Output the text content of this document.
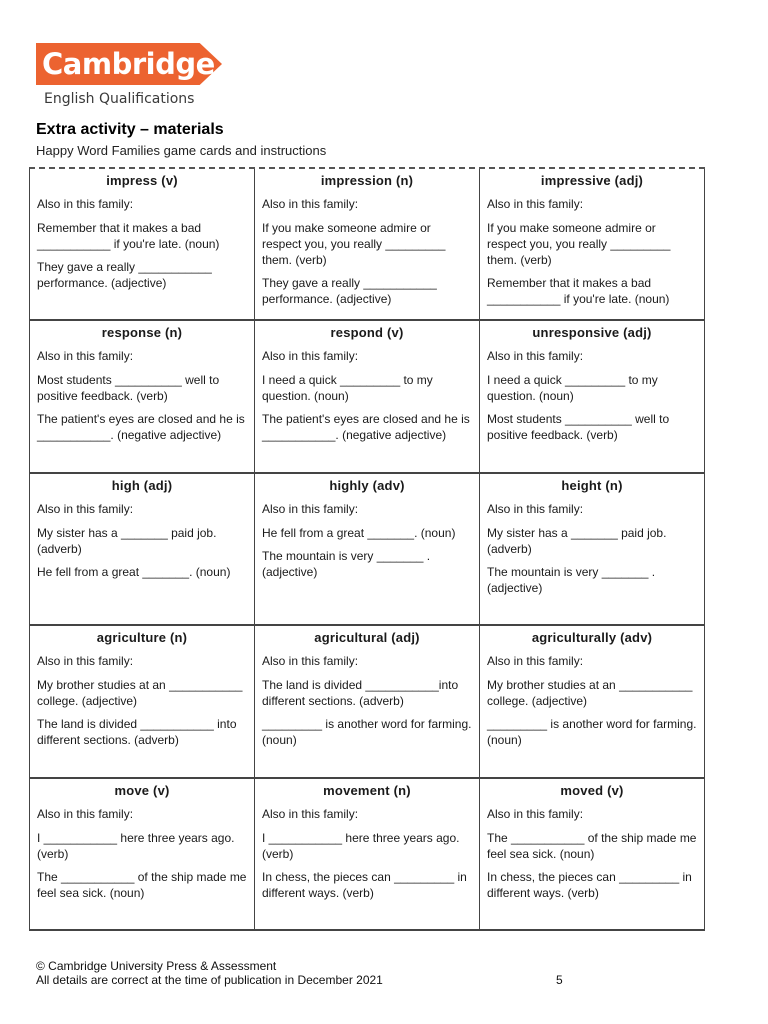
Cambridge
English Qualifications
Extra activity – materials
Happy Word Families game cards and instructions
impress (v)
Also in this family:
Remember that it makes a bad ___________ if you're late. (noun)
They gave a really ___________ performance. (adjective)
impression (n)
Also in this family:
If you make someone admire or respect you, you really _________ them. (verb)
They gave a really ___________ performance. (adjective)
impressive (adj)
Also in this family:
If you make someone admire or respect you, you really _________ them. (verb)
Remember that it makes a bad ___________ if you're late. (noun)
response (n)
Also in this family:
Most students __________ well to positive feedback. (verb)
The patient's eyes are closed and he is ___________. (negative adjective)
respond (v)
Also in this family:
I need a quick _________ to my question. (noun)
The patient's eyes are closed and he is ___________. (negative adjective)
unresponsive (adj)
Also in this family:
I need a quick _________ to my question. (noun)
Most students __________ well to positive feedback. (verb)
high (adj)
Also in this family:
My sister has a _______ paid job. (adverb)
He fell from a great _______. (noun)
highly (adv)
Also in this family:
He fell from a great _______. (noun)
The mountain is very _______ . (adjective)
height (n)
Also in this family:
My sister has a _______ paid job. (adverb)
The mountain is very _______ . (adjective)
agriculture (n)
Also in this family:
My brother studies at an ___________ college. (adjective)
The land is divided ___________ into different sections. (adverb)
agricultural (adj)
Also in this family:
The land is divided ___________into different sections. (adverb)
_________ is another word for farming. (noun)
agriculturally (adv)
Also in this family:
My brother studies at an ___________ college. (adjective)
_________ is another word for farming. (noun)
move (v)
Also in this family:
I ___________ here three years ago. (verb)
The ___________ of the ship made me feel sea sick. (noun)
movement (n)
Also in this family:
I ___________ here three years ago. (verb)
In chess, the pieces can _________ in different ways. (verb)
moved (v)
Also in this family:
The ___________ of the ship made me feel sea sick. (noun)
In chess, the pieces can _________ in different ways. (verb)
© Cambridge University Press & Assessment
All details are correct at the time of publication in December 2021	5
